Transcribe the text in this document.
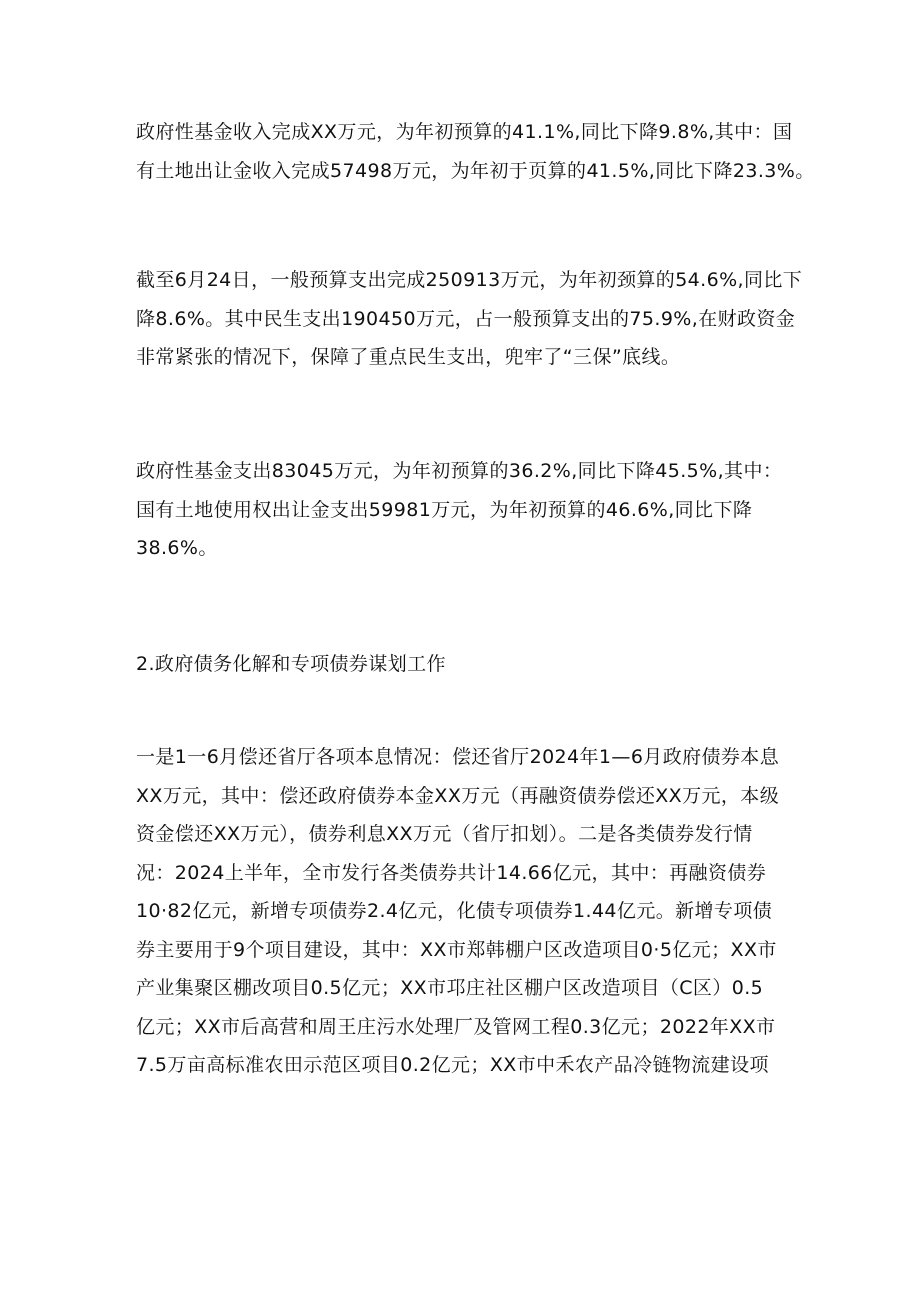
政府性基金收入完成XX万元，为年初预算的41.1%,同比下降9.8%,其中：国
有土地出让金收入完成57498万元，为年初于页算的41.5%,同比下降23.3%。

截至6月24日，一般预算支出完成250913万元，为年初颈算的54.6%,同比下
降8.6%。其中民生支出190450万元，占一般预算支出的75.9%,在财政资金
非常紧张的情况下，保障了重点民生支出，兜牢了“三保”底线。

政府性基金支出83045万元，为年初预算的36.2%,同比下降45.5%,其中：
国有土地使用权出让金支出59981万元，为年初预算的46.6%,同比下降
38.6%。

2.政府债务化解和专项债券谋划工作

一是1一6月偿还省厅各项本息情况：偿还省厅2024年1—6月政府债券本息
XX万元，其中：偿还政府债券本金XX万元（再融资债券偿还XX万元，本级
资金偿还XX万元），债券利息XX万元（省厅扣划）。二是各类债券发行情
况：2024上半年，全市发行各类债券共计14.66亿元，其中：再融资债券
10·82亿元，新增专项债券2.4亿元，化债专项债券1.44亿元。新增专项债
券主要用于9个项目建设，其中：XX市郑韩棚户区改造项目0·5亿元；XX市
产业集聚区棚改项目0.5亿元；XX市邛庄社区棚户区改造项目（C区）0.5
亿元；XX市后高营和周王庄污水处理厂及管网工程0.3亿元；2022年XX市
7.5万亩高标准农田示范区项目0.2亿元；XX市中禾农产品冷链物流建设项
